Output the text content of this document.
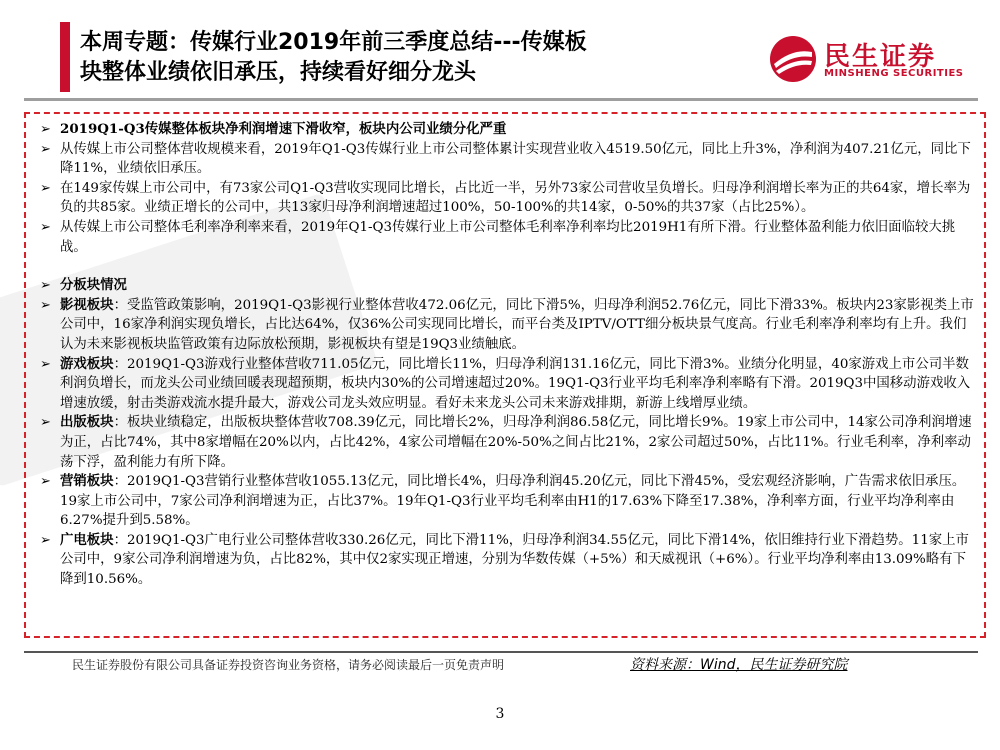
本周专题：传媒行业2019年前三季度总结---传媒板
块整体业绩依旧承压，持续看好细分龙头
民生证券
MINSHENG SECURITIES
➢ 2019Q1-Q3传媒整体板块净利润增速下滑收窄，板块内公司业绩分化严重
➢ 从传媒上市公司整体营收规模来看，2019年Q1-Q3传媒行业上市公司整体累计实现营业收入4519.50亿元，同比上升3%，净利润为407.21亿元，同比下降11%，业绩依旧承压。
➢ 在149家传媒上市公司中，有73家公司Q1-Q3营收实现同比增长，占比近一半，另外73家公司营收呈负增长。归母净利润增长率为正的共64家，增长率为负的共85家。业绩正增长的公司中，共13家归母净利润增速超过100%，50-100%的共14家，0-50%的共37家（占比25%）。
➢ 从传媒上市公司整体毛利率净利率来看，2019年Q1-Q3传媒行业上市公司整体毛利率净利率均比2019H1有所下滑。行业整体盈利能力依旧面临较大挑战。
➢ 分板块情况
➢ 影视板块：受监管政策影响，2019Q1-Q3影视行业整体营收472.06亿元，同比下滑5%，归母净利润52.76亿元，同比下滑33%。板块内23家影视类上市公司中，16家净利润实现负增长，占比达64%，仅36%公司实现同比增长，而平台类及IPTV/OTT细分板块景气度高。行业毛利率净利率均有上升。我们认为未来影视板块监管政策有边际放松预期，影视板块有望是19Q3业绩触底。
➢ 游戏板块：2019Q1-Q3游戏行业整体营收711.05亿元，同比增长11%，归母净利润131.16亿元，同比下滑3%。业绩分化明显，40家游戏上市公司半数利润负增长，而龙头公司业绩回暖表现超预期，板块内30%的公司增速超过20%。19Q1-Q3行业平均毛利率净利率略有下滑。2019Q3中国移动游戏收入增速放缓，射击类游戏流水提升最大，游戏公司龙头效应明显。看好未来龙头公司未来游戏排期，新游上线增厚业绩。
➢ 出版板块：板块业绩稳定，出版板块整体营收708.39亿元，同比增长2%，归母净利润86.58亿元，同比增长9%。19家上市公司中，14家公司净利润增速为正，占比74%，其中8家增幅在20%以内，占比42%，4家公司增幅在20%-50%之间占比21%，2家公司超过50%，占比11%。行业毛利率，净利率动荡下浮，盈利能力有所下降。
➢ 营销板块：2019Q1-Q3营销行业整体营收1055.13亿元，同比增长4%，归母净利润45.20亿元，同比下滑45%，受宏观经济影响，广告需求依旧承压。19家上市公司中，7家公司净利润增速为正，占比37%。19年Q1-Q3行业平均毛利率由H1的17.63%下降至17.38%，净利率方面，行业平均净利率由6.27%提升到5.58%。
➢ 广电板块：2019Q1-Q3广电行业公司整体营收330.26亿元，同比下滑11%，归母净利润34.55亿元，同比下滑14%，依旧维持行业下滑趋势。11家上市公司中，9家公司净利润增速为负，占比82%，其中仅2家实现正增速，分别为华数传媒（+5%）和天威视讯（+6%）。行业平均净利率由13.09%略有下降到10.56%。
民生证券股份有限公司具备证券投资咨询业务资格，请务必阅读最后一页免责声明	资料来源：Wind，民生证券研究院
3
